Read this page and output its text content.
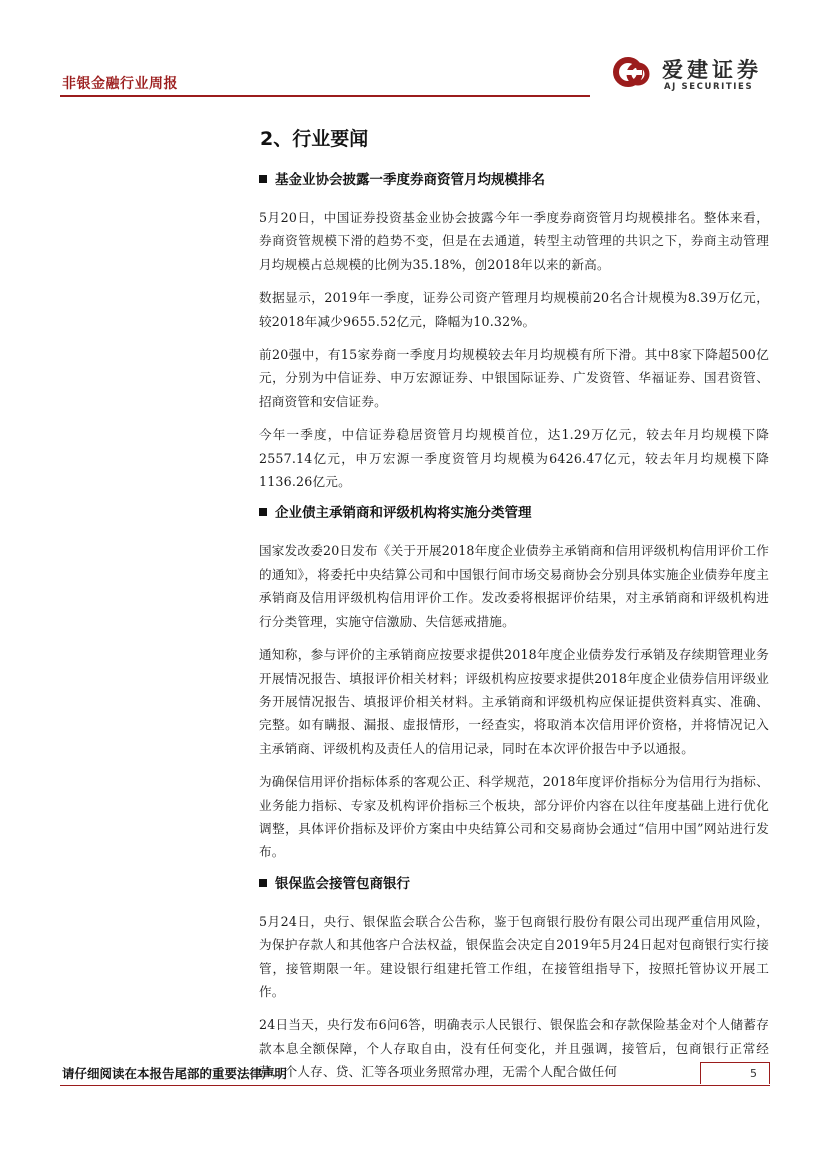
非银金融行业周报
爱建证券
AJ SECURITIES
2、行业要闻
基金业协会披露一季度券商资管月均规模排名

5月20日，中国证券投资基金业协会披露今年一季度券商资管月均规模排名。整体来看，券商资管规模下滑的趋势不变，但是在去通道，转型主动管理的共识之下，券商主动管理月均规模占总规模的比例为35.18%，创2018年以来的新高。

数据显示，2019年一季度，证券公司资产管理月均规模前20名合计规模为8.39万亿元，较2018年减少9655.52亿元，降幅为10.32%。

前20强中，有15家券商一季度月均规模较去年月均规模有所下滑。其中8家下降超500亿元，分别为中信证券、申万宏源证券、中银国际证券、广发资管、华福证券、国君资管、招商资管和安信证券。

今年一季度，中信证券稳居资管月均规模首位，达1.29万亿元，较去年月均规模下降2557.14亿元，申万宏源一季度资管月均规模为6426.47亿元，较去年月均规模下降1136.26亿元。

企业债主承销商和评级机构将实施分类管理

国家发改委20日发布《关于开展2018年度企业债券主承销商和信用评级机构信用评价工作的通知》，将委托中央结算公司和中国银行间市场交易商协会分别具体实施企业债券年度主承销商及信用评级机构信用评价工作。发改委将根据评价结果，对主承销商和评级机构进行分类管理，实施守信激励、失信惩戒措施。

通知称，参与评价的主承销商应按要求提供2018年度企业债券发行承销及存续期管理业务开展情况报告、填报评价相关材料；评级机构应按要求提供2018年度企业债券信用评级业务开展情况报告、填报评价相关材料。主承销商和评级机构应保证提供资料真实、准确、完整。如有瞒报、漏报、虚报情形，一经查实，将取消本次信用评价资格，并将情况记入主承销商、评级机构及责任人的信用记录，同时在本次评价报告中予以通报。

为确保信用评价指标体系的客观公正、科学规范，2018年度评价指标分为信用行为指标、业务能力指标、专家及机构评价指标三个板块，部分评价内容在以往年度基础上进行优化调整，具体评价指标及评价方案由中央结算公司和交易商协会通过“信用中国”网站进行发布。

银保监会接管包商银行

5月24日，央行、银保监会联合公告称，鉴于包商银行股份有限公司出现严重信用风险，为保护存款人和其他客户合法权益，银保监会决定自2019年5月24日起对包商银行实行接管，接管期限一年。建设银行组建托管工作组，在接管组指导下，按照托管协议开展工作。

24日当天，央行发布6问6答，明确表示人民银行、银保监会和存款保险基金对个人储蓄存款本息全额保障，个人存取自由，没有任何变化，并且强调，接管后，包商银行正常经营，个人存、贷、汇等各项业务照常办理，无需个人配合做任何

请仔细阅读在本报告尾部的重要法律声明	5
